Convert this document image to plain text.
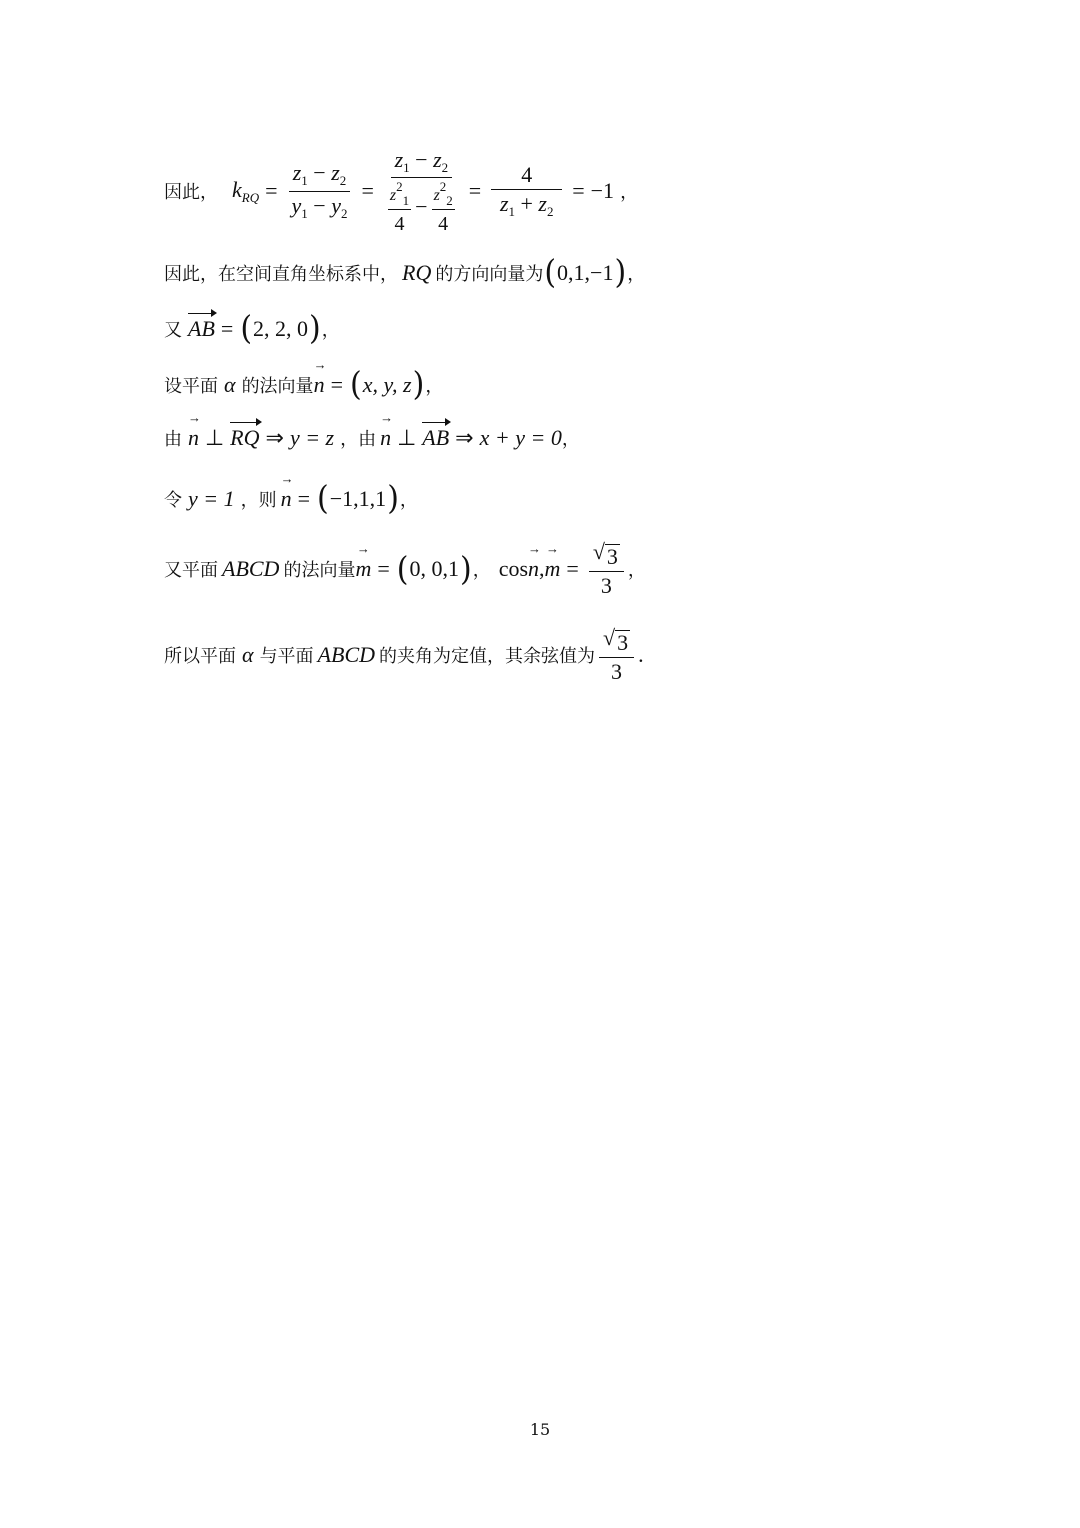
因此， $k_{RQ} = \frac{z_1 - z_2}{y_1 - y_2} = \frac{z_1 - z_2}{\frac{z^2_1}{4} - \frac{z^2_2}{4}} = \frac{4}{z_1 + z_2} = -1$ ，
因此，在空间直角坐标系中， RQ 的方向向量为 ( 0,1,−1 ) ，
又 AB = ( 2, 2, 0 ) ，
设平面 α 的法向量 n → = ( x, y, z ) ，
由 n → ⊥ RQ ⇒ y = z ，由 n → ⊥ AB ⇒ x + y = 0 ，
令 y = 1 ，则 n → = ( −1,1,1 ) ，
又平面 ABCD 的法向量 m → = ( 0, 0,1 ) ， cos n → , m → = $\frac{√ 3}{3}$ ，
所以平面 α 与平面 ABCD 的夹角为定值，其余弦值为 $\frac{√ 3}{3}$ .
15
